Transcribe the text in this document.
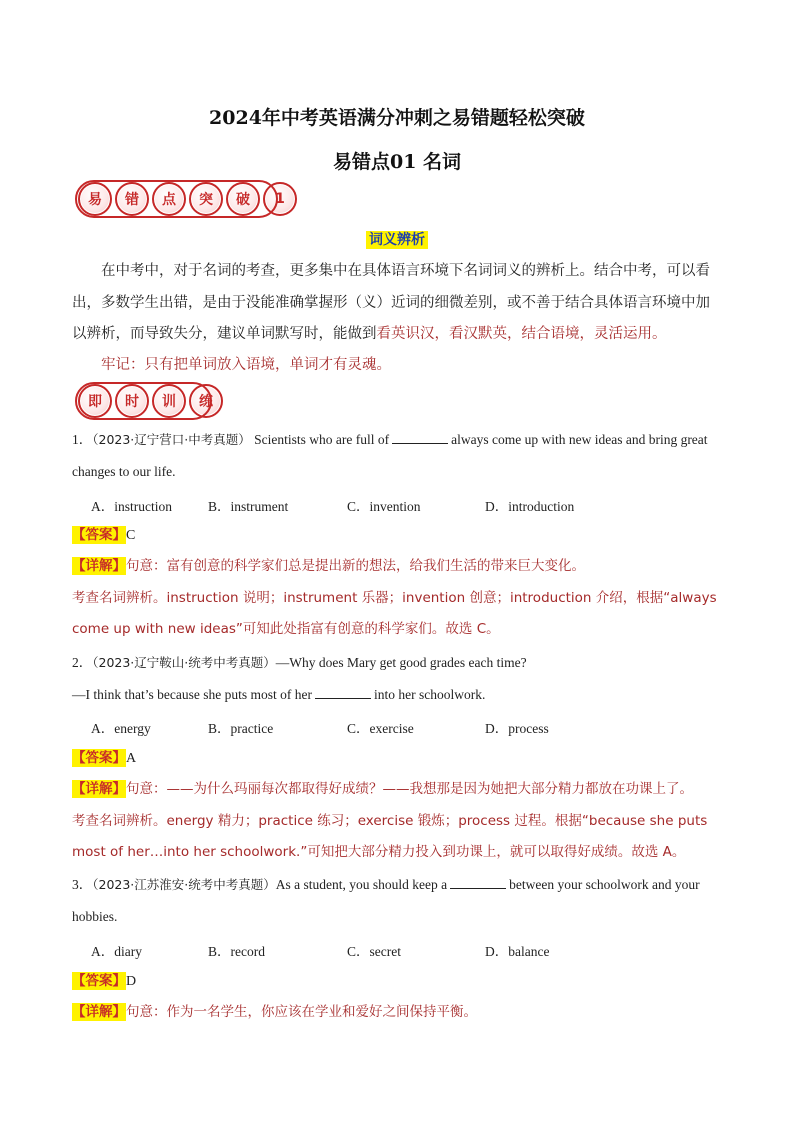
2024年中考英语满分冲刺之易错题轻松突破
易错点01 名词
易	错	点	突	破	1
词义辨析
在中考中，对于名词的考查，更多集中在具体语言环境下名词词义的辨析上。结合中考，可以看出，多数学生出错，是由于没能准确掌握形（义）近词的细微差别，或不善于结合具体语言环境中加以辨析，而导致失分，建议单词默写时，能做到看英识汉，看汉默英，结合语境，灵活运用。
牢记：只有把单词放入语境，单词才有灵魂。
即	时	训	练
1．（2023·辽宁营口·中考真题） Scientists who are full of	always come up with new ideas and bring great changes to our life.
A．instruction	B．instrument	C．invention	D．introduction
【答案】C
【详解】句意：富有创意的科学家们总是提出新的想法，给我们生活的带来巨大变化。
考查名词辨析。instruction 说明；instrument 乐器；invention 创意；introduction 介绍，根据“always come up with new ideas”可知此处指富有创意的科学家们。故选 C。
2．（2023·辽宁鞍山·统考中考真题）—Why does Mary get good grades each time?
—I think that’s because she puts most of her	into her schoolwork.
A．energy	B．practice	C．exercise	D．process
【答案】A
【详解】句意：——为什么玛丽每次都取得好成绩？——我想那是因为她把大部分精力都放在功课上了。
考查名词辨析。energy 精力；practice 练习；exercise 锻炼；process 过程。根据“because she puts most of her…into her schoolwork.”可知把大部分精力投入到功课上，就可以取得好成绩。故选 A。
3．（2023·江苏淮安·统考中考真题）As a student, you should keep a	between your schoolwork and your hobbies.
A．diary	B．record	C．secret	D．balance
【答案】D
【详解】句意：作为一名学生，你应该在学业和爱好之间保持平衡。
